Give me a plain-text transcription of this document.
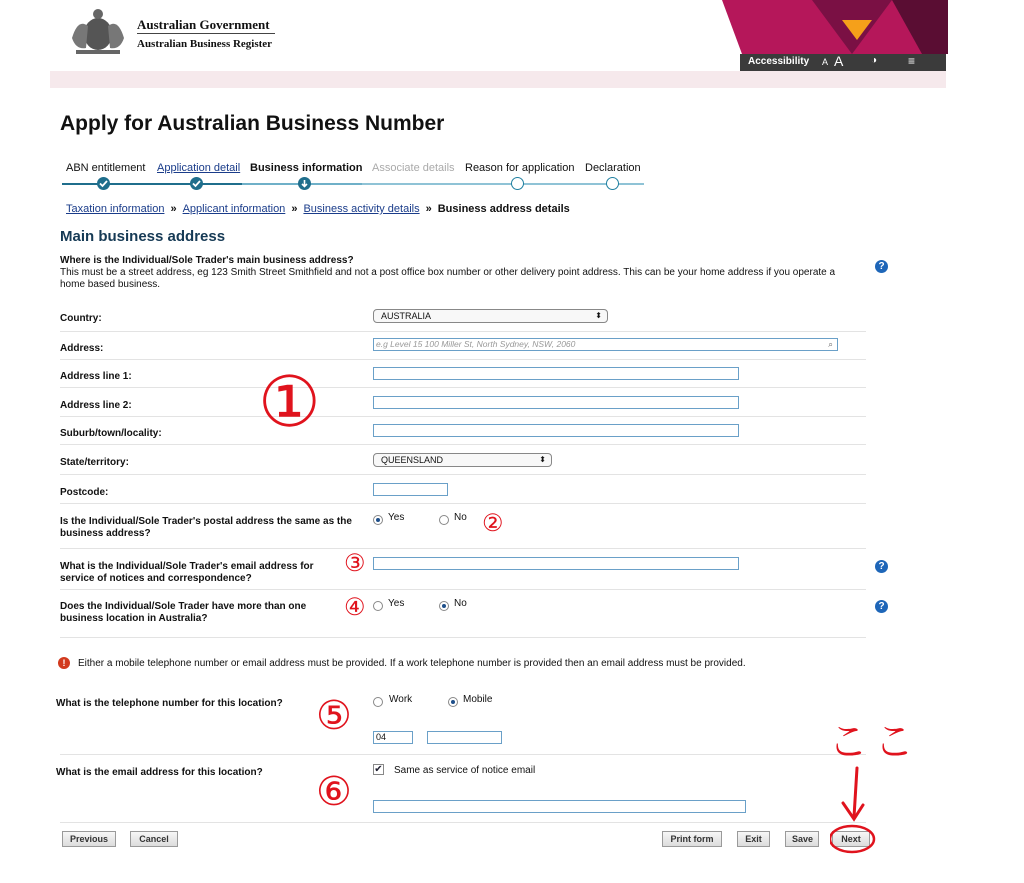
Australian Government
Australian Business Register
Accessibility A A	◑	≡
Apply for Australian Business Number
ABN entitlement Application detail Business information Associate details Reason for application Declaration
Taxation information » Applicant information » Business activity details » Business address details
Main business address
Where is the Individual/Sole Trader's main business address?
This must be a street address, eg 123 Smith Street Smithfield and not a post office box number or other delivery point address. This can be your home address if you operate a home based business.
?
Country:	AUSTRALIA	⬍
Address:	e.g Level 15 100 Miller St, North Sydney, NSW, 2060	⌕
Address line 1:
Address line 2:
Suburb/town/locality:
State/territory:	QUEENSLAND	⬍
Postcode:
Is the Individual/Sole Trader's postal address the same as the business address?
Yes	No
What is the Individual/Sole Trader's email address for service of notices and correspondence?
?
Does the Individual/Sole Trader have more than one business location in Australia?
Yes	No	?
!	Either a mobile telephone number or email address must be provided. If a work telephone number is provided then an email address must be provided.
What is the telephone number for this location?	Work	Mobile
04
What is the email address for this location?	✔ Same as service of notice email
Previous	Cancel	Print form	Exit	Save	Next
①
②
③
④
⑤
⑥
ここ
